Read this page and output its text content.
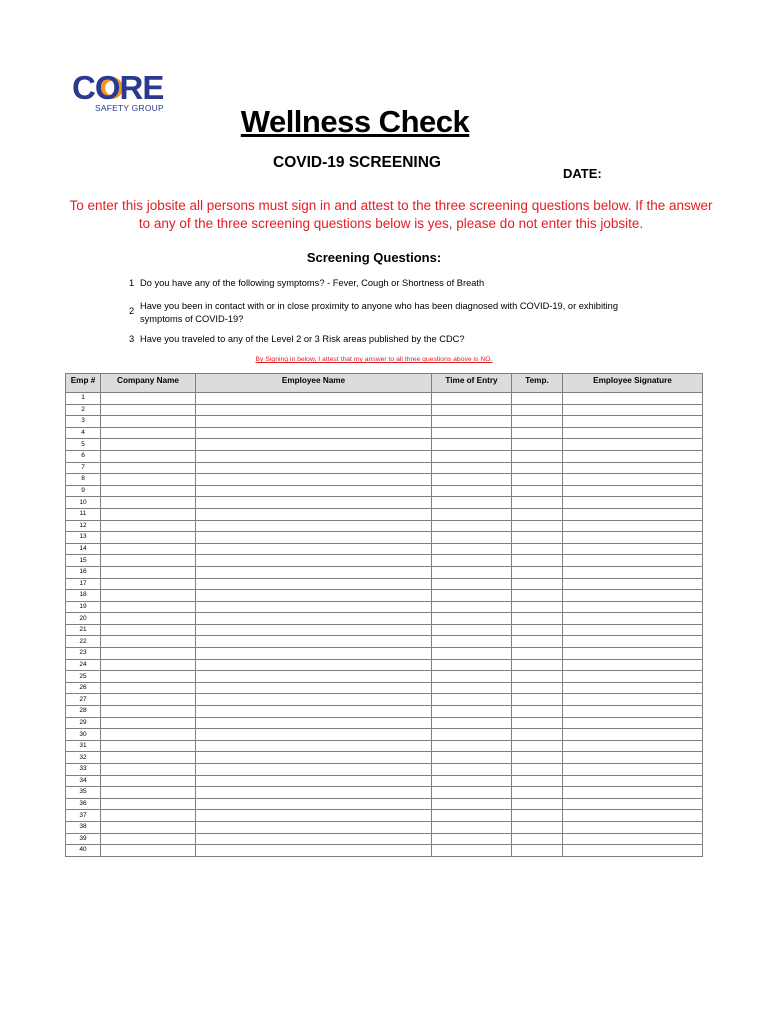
CORE
SAFETY GROUP	Wellness Check
COVID-19 SCREENING
DATE:
To enter this jobsite all persons must sign in and attest to the three screening questions below. If the answer
to any of the three screening questions below is yes, please do not enter this jobsite.
Screening Questions:
1 Do you have any of the following symptoms? - Fever, Cough or Shortness of Breath
2 Have you been in contact with or in close proximity to anyone who has been diagnosed with COVID-19, or exhibiting symptoms of COVID-19?
3 Have you traveled to any of the Level 2 or 3 Risk areas published by the CDC?
By Signing in below, I attest that my answer to all three questions above is NO.
Emp #	Company Name	Employee Name	Time of Entry	Temp.	Employee Signature
1					
2					
3					
4					
5					
6					
7					
8					
9					
10					
11					
12					
13					
14					
15					
16					
17					
18					
19					
20					
21					
22					
23					
24					
25					
26					
27					
28					
29					
30					
31					
32					
33					
34					
35					
36					
37					
38					
39					
40					
